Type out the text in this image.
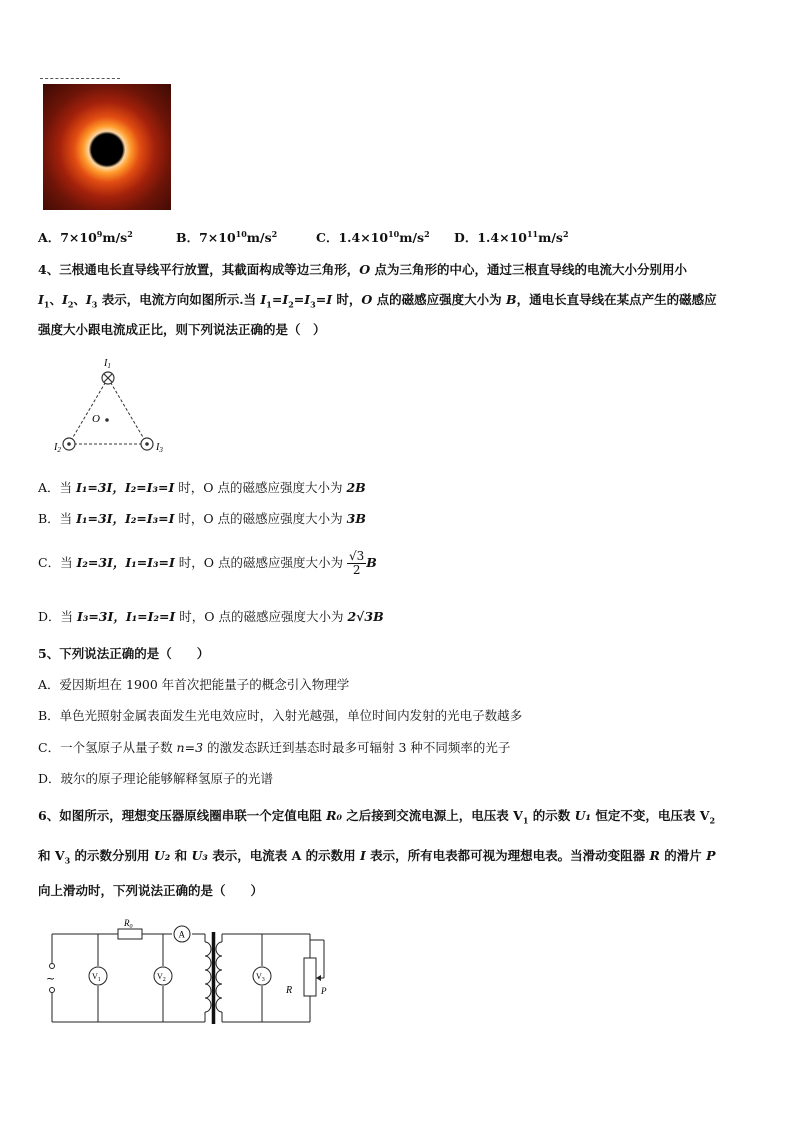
A．$7\times 10^9m/s^2$	B．$7\times 10^{10}m/s^2$	C．$1.4\times 10^{10}m/s^2$ D．$1.4\times 10^{11}m/s^2$
4、三根通电长直导线平行放置，其截面构成等边三角形，O 点为三角形的中心，通过三根直导线的电流大小分别用小
$I_1$、$I_2$、$I_3$ 表示，电流方向如图所示.当 $I_1=I_2=I_3=I$ 时，O 点的磁感应强度大小为 B，通电长直导线在某点产生的磁感应
强度大小跟电流成正比，则下列说法正确的是（　）
$I_1$
$I_2$	$I_3$
O
A．当 I₁=3I，I₂=I₃=I 时，O 点的磁感应强度大小为 2B
B．当 I₁=3I，I₂=I₃=I 时，O 点的磁感应强度大小为 3B
C．当 I₂=3I，I₁=I₃=I 时，O 点的磁感应强度大小为 $\frac{√3}{2}$ B
D．当 I₃=3I，I₁=I₂=I 时，O 点的磁感应强度大小为 2√3B
5、下列说法正确的是（　　）
A．爱因斯坦在 1900 年首次把能量子的概念引入物理学
B．单色光照射金属表面发生光电效应时，入射光越强，单位时间内发射的光电子数越多
C．一个氢原子从量子数 n=3 的激发态跃迁到基态时最多可辐射 3 种不同频率的光子
D．玻尔的原子理论能够解释氢原子的光谱
6、如图所示，理想变压器原线圈串联一个定值电阻 R₀ 之后接到交流电源上，电压表 $V_1$ 的示数 U₁ 恒定不变，电压表 $V_2$
和 $V_3$ 的示数分别用 U₂ 和 U₃ 表示，电流表 A 的示数用 I 表示，所有电表都可视为理想电表。当滑动变阻器 R 的滑片 P
向上滑动时，下列说法正确的是（　　）
$R_0$
A
~	$V_1$	$V_2$	$V_3$
R	P
